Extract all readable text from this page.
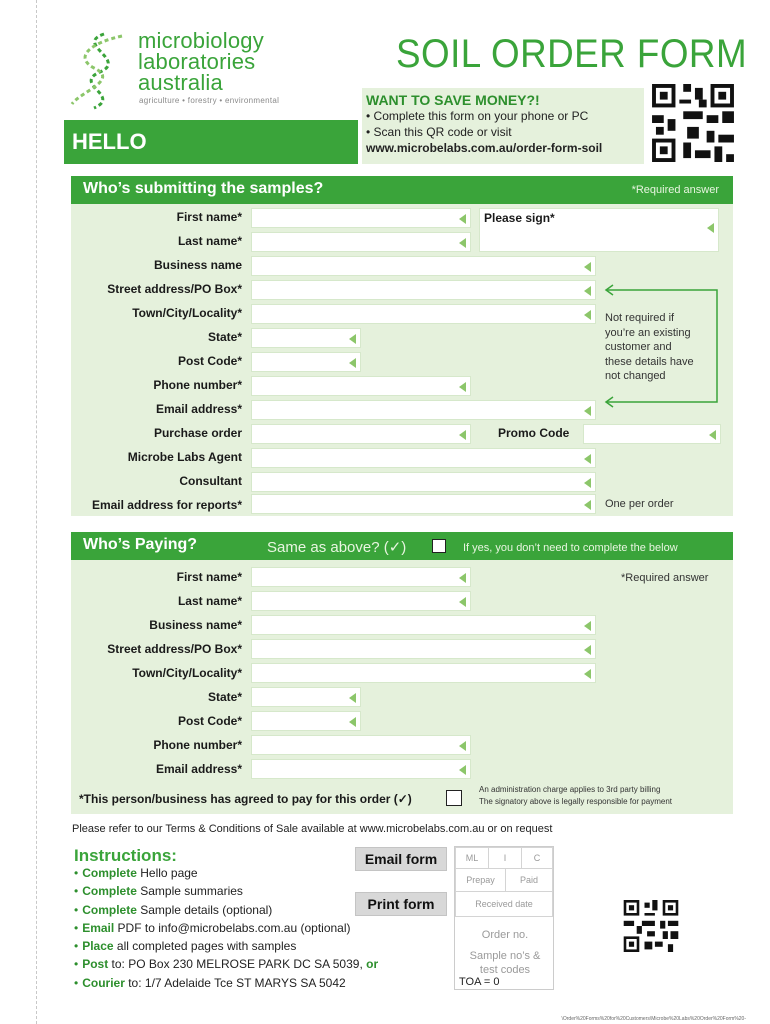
microbiology
laboratories
australia
agriculture • forestry • environmental
SOIL ORDER FORM
HELLO
WANT TO SAVE MONEY?!
• Complete this form on your phone or PC
• Scan this QR code or visit
www.microbelabs.com.au/order-form-soil
Who’s submitting the samples?	*Required answer
First name*
Last name*
Please sign*
Business name
Street address/PO Box*
Town/City/Locality*
State*
Post Code*
Phone number*
Email address*
Not required if
you’re an existing
customer and
these details have
not changed
Purchase order	Promo Code
Microbe Labs Agent
Consultant
Email address for reports*	One per order
Who’s Paying?	Same as above? (✓)	If yes, you don’t need to complete the below
*Required answer
First name*
Last name*
Business name*
Street address/PO Box*
Town/City/Locality*
State*
Post Code*
Phone number*
Email address*
*This person/business has agreed to pay for this order (✓)
An administration charge applies to 3rd party billing
The signatory above is legally responsible for payment
Please refer to our Terms & Conditions of Sale available at www.microbelabs.com.au or on request
Instructions:
• Complete Hello page
• Complete Sample summaries
• Complete Sample details (optional)
• Email PDF to info@microbelabs.com.au (optional)
• Place all completed pages with samples
• Post to: PO Box 230 MELROSE PARK DC SA 5039, or
• Courier to: 1/7 Adelaide Tce ST MARYS SA 5042
Email form
Print form
ML	I	C
Prepay	Paid
Received date
Order no.
Sample no’s &
test codes
TOA = 0
\Order%20Forms%20for%20Customers\Microbe%20Labs%20Order%20Form%20-
